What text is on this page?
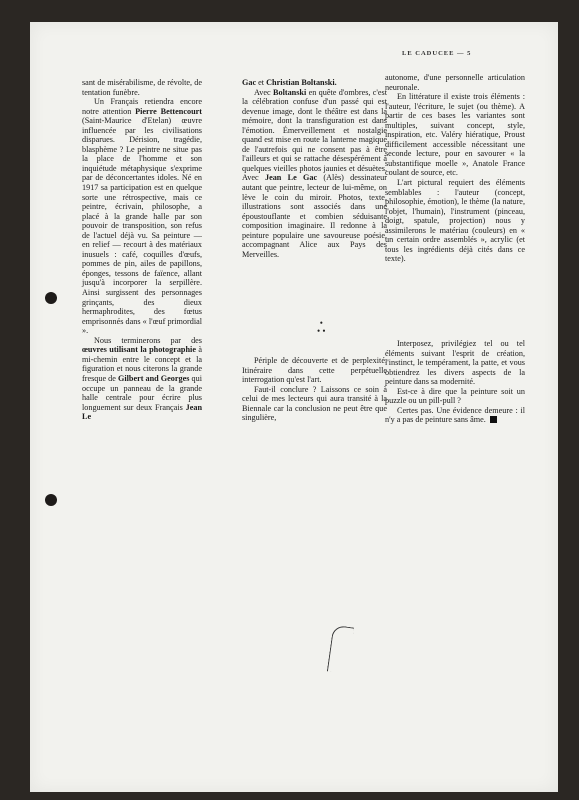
LE CADUCEE — 5

sant de misérabilisme, de révolte, de tentation funèbre.

Un Français retiendra encore notre attention Pierre Bettencourt (Saint-Maurice d'Etelan) œuvre influencée par les civilisations disparues. Dérision, tragédie, blasphème ? Le peintre ne situe pas la place de l'homme et son inquiétude métaphysique s'exprime par de déconcertantes idoles. Né en 1917 sa participation est en quelque sorte une rétrospective, mais ce peintre, écrivain, philosophe, a placé à la grande halle par son pouvoir de transposition, son refus de l'actuel déjà vu. Sa peinture — en relief — recourt à des matériaux inusuels : café, coquilles d'œufs, pommes de pin, ailes de papillons, éponges, tessons de faïence, allant jusqu'à incorporer la serpillère. Ainsi surgissent des personnages grinçants, des dieux hermaphrodites, des fœtus emprisonnés dans « l'œuf primordial ».

Nous terminerons par des œuvres utilisant la photographie à mi-chemin entre le concept et la figuration et nous citerons la grande fresque de Gilbert and Georges qui occupe un panneau de la grande halle centrale pour écrire plus longuement sur deux Français Jean Le

Gac et Christian Boltanski.

Avec Boltanski en quête d'ombres, c'est la célébration confuse d'un passé qui est devenue image, dont le théâtre est dans la mémoire, dont la transfiguration est dans l'émotion. Émerveillement et nostalgie quand est mise en route la lanterne magique de l'autrefois qui ne consent pas à être l'ailleurs et qui se rattache désespérément à quelques vieilles photos jaunies et désuètes. Avec Jean Le Gac (Alès) dessinateur autant que peintre, lecteur de lui-même, on lève le coin du miroir. Photos, texte, illustrations sont associés dans une époustouflante et combien séduisante composition imaginaire. Il redonne à la peinture populaire une savoureuse poésie, accompagnant Alice aux Pays des Merveilles.

•
• •

Périple de découverte et de perplexité. Itinéraire dans cette perpétuelle interrogation qu'est l'art.

Faut-il conclure ? Laissons ce soin à celui de mes lecteurs qui aura transité à la Biennale car la conclusion ne peut être que singulière,

autonome, d'une personnelle articulation neuronale.

En littérature il existe trois éléments : l'auteur, l'écriture, le sujet (ou thème). A partir de ces bases les variantes sont multiples, suivant concept, style, inspiration, etc. Valéry hiératique, Proust difficilement accessible nécessitant une seconde lecture, pour en savourer « la substantifique moelle », Anatole France coulant de source, etc.

L'art pictural requiert des éléments semblables : l'auteur (concept, philosophie, émotion), le thème (la nature, l'objet, l'humain), l'instrument (pinceau, doigt, spatule, projection) nous y assimilerons le matériau (couleurs) en « un certain ordre assemblés », acrylic (et tous les ingrédients déjà cités dans ce texte).

Interposez, privilégiez tel ou tel éléments suivant l'esprit de création, l'instinct, le tempérament, la patte, et vous obtiendrez les divers aspects de la peinture dans sa modernité.

Est-ce à dire que la peinture soit un puzzle ou un pill-pull ?

Certes pas. Une évidence demeure : il n'y a pas de peinture sans âme.
